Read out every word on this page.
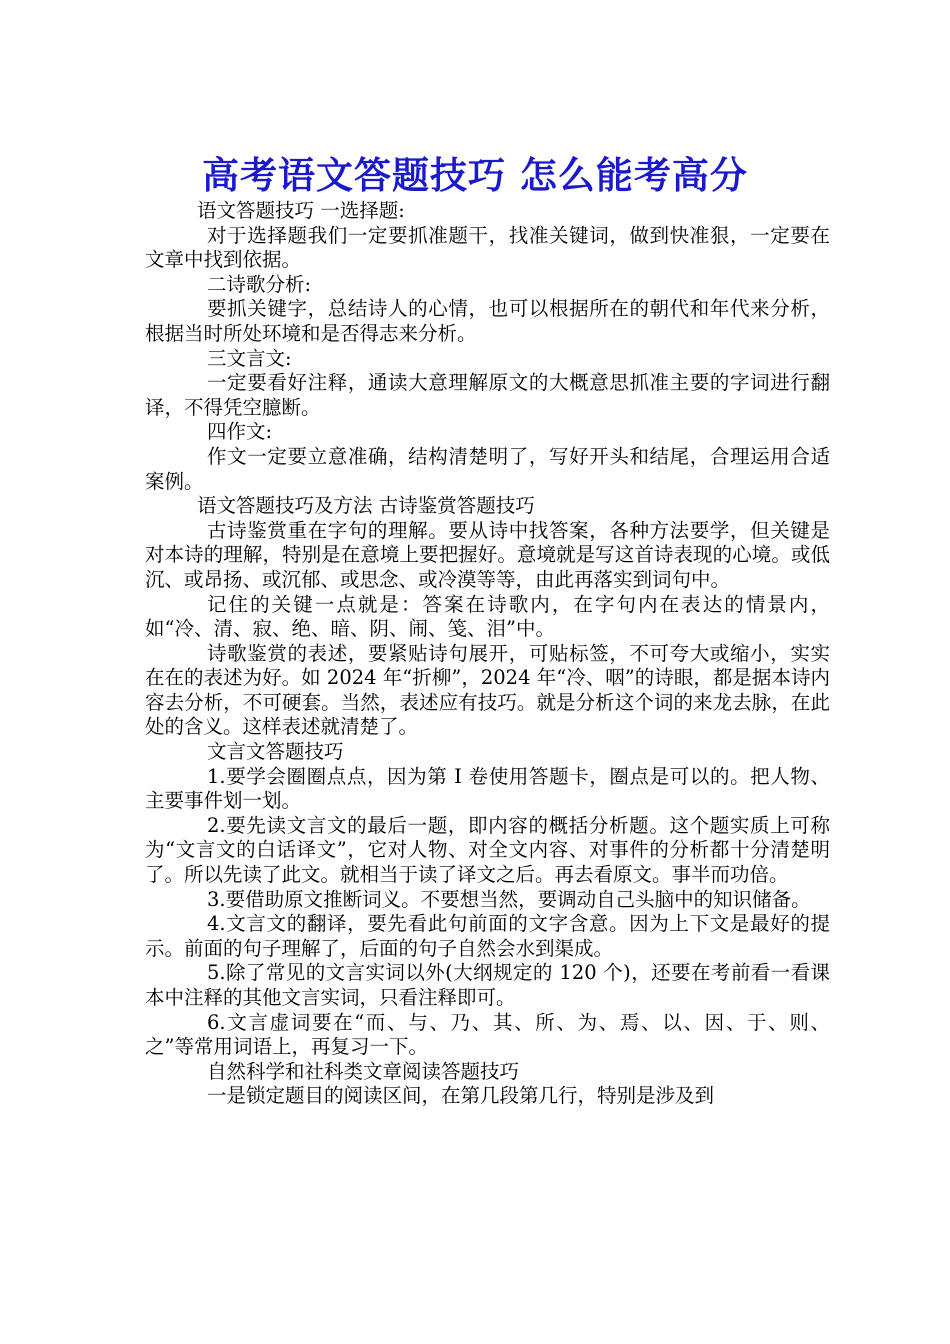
高考语文答题技巧 怎么能考高分

语文答题技巧 一选择题:

对于选择题我们一定要抓准题干，找准关键词，做到快准狠，一定要在文章中找到依据。

二诗歌分析:

要抓关键字，总结诗人的心情，也可以根据所在的朝代和年代来分析，根据当时所处环境和是否得志来分析。

三文言文:

一定要看好注释，通读大意理解原文的大概意思抓准主要的字词进行翻译，不得凭空臆断。

四作文:

作文一定要立意准确，结构清楚明了，写好开头和结尾，合理运用合适案例。

语文答题技巧及方法 古诗鉴赏答题技巧

古诗鉴赏重在字句的理解。要从诗中找答案，各种方法要学，但关键是对本诗的理解，特别是在意境上要把握好。意境就是写这首诗表现的心境。或低沉、或昂扬、或沉郁、或思念、或冷漠等等，由此再落实到词句中。

记住的关键一点就是：答案在诗歌内，在字句内在表达的情景内，如“冷、清、寂、绝、暗、阴、闹、笺、泪”中。

诗歌鉴赏的表述，要紧贴诗句展开，可贴标签，不可夸大或缩小，实实在在的表述为好。如 2024 年“折柳”，2024 年“冷、咽”的诗眼，都是据本诗内容去分析，不可硬套。当然，表述应有技巧。就是分析这个词的来龙去脉，在此处的含义。这样表述就清楚了。

文言文答题技巧

1.要学会圈圈点点，因为第 I 卷使用答题卡，圈点是可以的。把人物、主要事件划一划。

2.要先读文言文的最后一题，即内容的概括分析题。这个题实质上可称为“文言文的白话译文”，它对人物、对全文内容、对事件的分析都十分清楚明了。所以先读了此文。就相当于读了译文之后。再去看原文。事半而功倍。

3.要借助原文推断词义。不要想当然，要调动自己头脑中的知识储备。

4.文言文的翻译，要先看此句前面的文字含意。因为上下文是最好的提示。前面的句子理解了，后面的句子自然会水到渠成。

5.除了常见的文言实词以外(大纲规定的 120 个)，还要在考前看一看课本中注释的其他文言实词，只看注释即可。

6.文言虚词要在“而、与、乃、其、所、为、焉、以、因、于、则、之”等常用词语上，再复习一下。

自然科学和社科类文章阅读答题技巧

一是锁定题目的阅读区间，在第几段第几行，特别是涉及到
